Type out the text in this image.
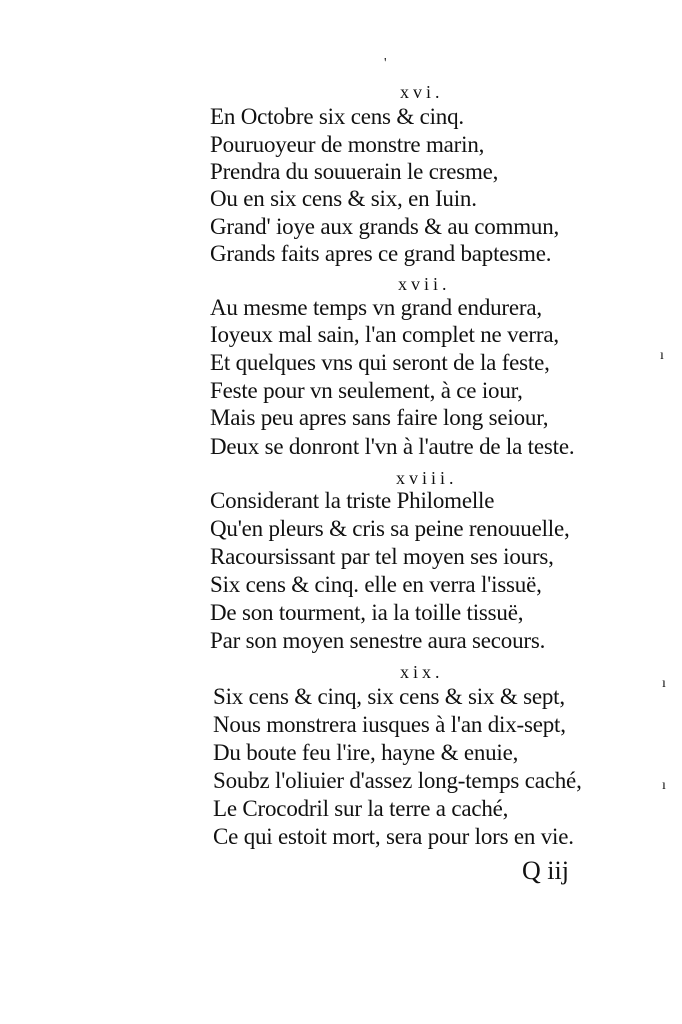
xvi.
En Octobre six cens & cinq.
Pouruoyeur de monstre marin,
Prendra du souuerain le cresme,
Ou en six cens & six, en Iuin.
Grand' ioye aux grands & au commun,
Grands faits apres ce grand baptesme.
xvii.
Au mesme temps vn grand endurera,
Ioyeux mal sain, l'an complet ne verra,
Et quelques vns qui seront de la feste,
Feste pour vn seulement, à ce iour,
Mais peu apres sans faire long seiour,
Deux se donront l'vn à l'autre de la teste.
xviii.
Considerant la triste Philomelle
Qu'en pleurs & cris sa peine renouuelle,
Racoursissant par tel moyen ses iours,
Six cens & cinq. elle en verra l'issuë,
De son tourment, ia la toille tissuë,
Par son moyen senestre aura secours.
xix.
Six cens & cinq, six cens & six & sept,
Nous monstrera iusques à l'an dix-sept,
Du boute feu l'ire, hayne & enuie,
Soubz l'oliuier d'assez long-temps caché,
Le Crocodril sur la terre a caché,
Ce qui estoit mort, sera pour lors en vie.
Q iij
'
ı
ı
ı
